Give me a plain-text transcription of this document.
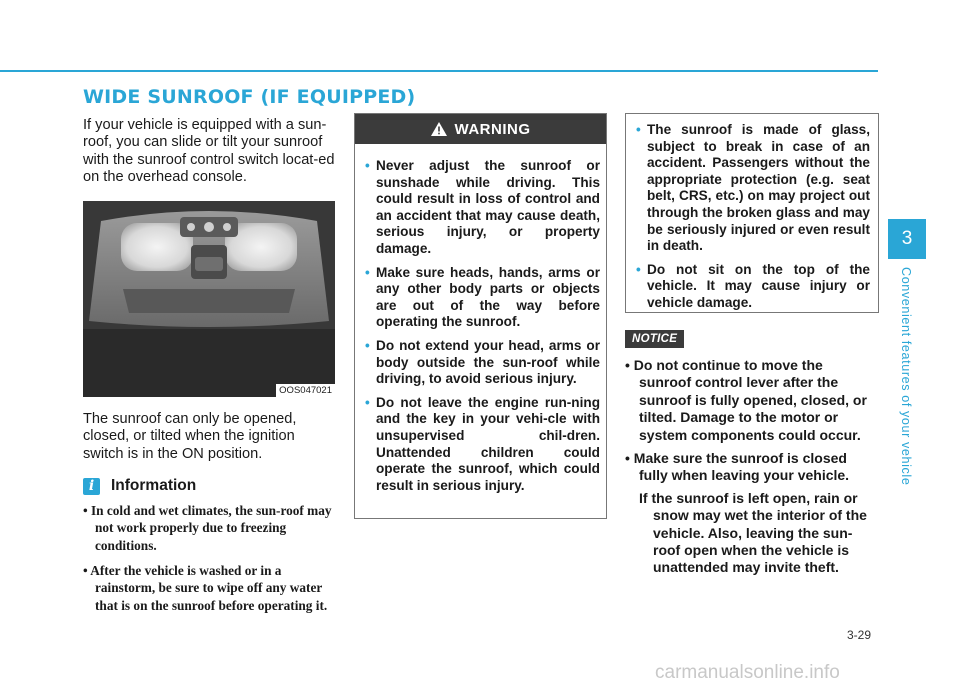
WIDE SUNROOF (IF EQUIPPED)

If your vehicle is equipped with a sun-roof, you can slide or tilt your sunroof with the sunroof control switch locat-ed on the overhead console.

OOS047021

The sunroof can only be opened, closed, or tilted when the ignition switch is in the ON position.

i	Information
• In cold and wet climates, the sun-roof may not work properly due to freezing conditions.
• After the vehicle is washed or in a rainstorm, be sure to wipe off any water that is on the sunroof before operating it.
WARNING
• Never adjust the sunroof or sunshade while driving. This could result in loss of control and an accident that may cause death, serious injury, or property damage.
• Make sure heads, hands, arms or any other body parts or objects are out of the way before operating the sunroof.
• Do not extend your head, arms or body outside the sun-roof while driving, to avoid serious injury.
• Do not leave the engine run-ning and the key in your vehi-cle with unsupervised chil-dren. Unattended children could operate the sunroof, which could result in serious injury.
• The sunroof is made of glass, subject to break in case of an accident. Passengers without the appropriate protection (e.g. seat belt, CRS, etc.) on may project out through the broken glass and may be seriously injured or even result in death.
• Do not sit on the top of the vehicle. It may cause injury or vehicle damage.
NOTICE
• Do not continue to move the sunroof control lever after the sunroof is fully opened, closed, or tilted. Damage to the motor or system components could occur.
• Make sure the sunroof is closed fully when leaving your vehicle.

If the sunroof is left open, rain or snow may wet the interior of the vehicle. Also, leaving the sun-roof open when the vehicle is unattended may invite theft.

3
Convenient features of your vehicle
3-29
carmanualsonline.info
